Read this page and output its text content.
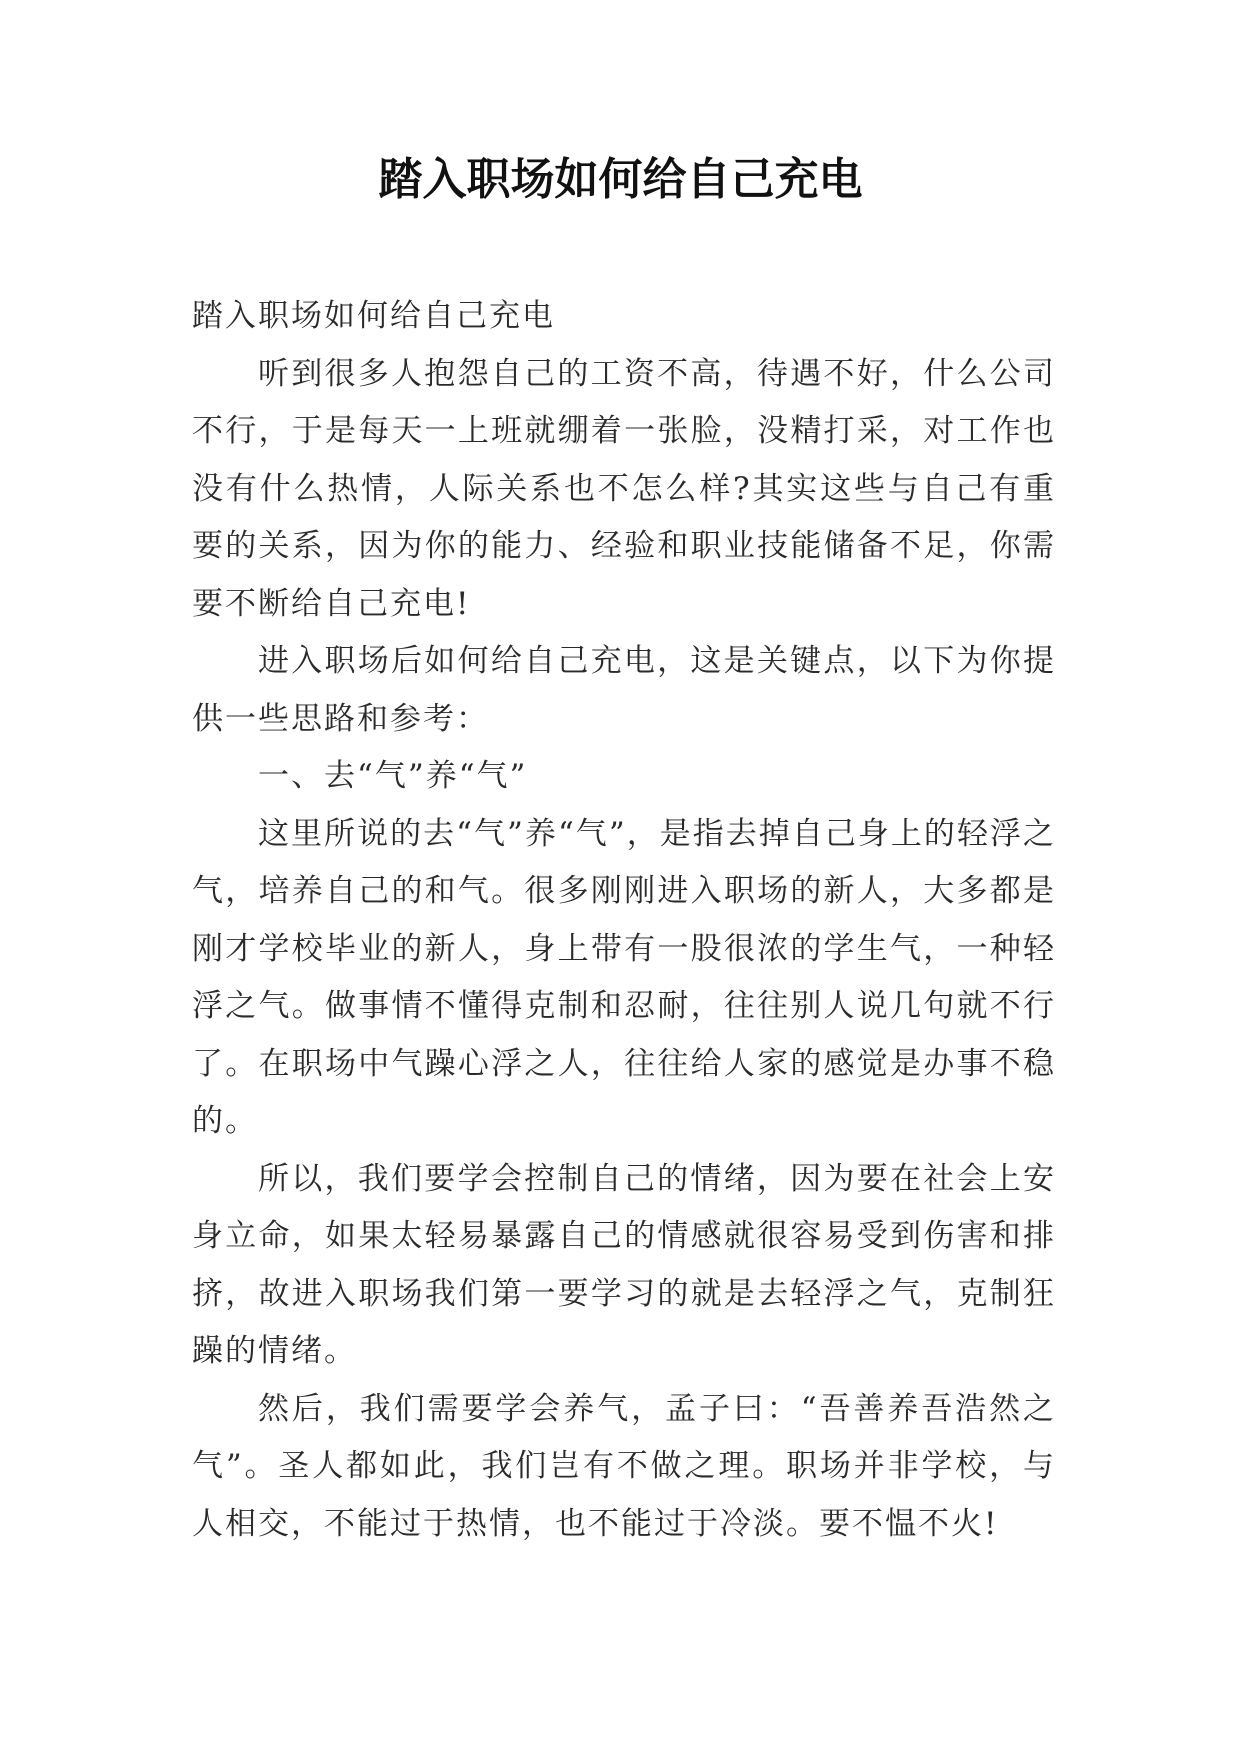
踏入职场如何给自己充电

踏入职场如何给自己充电

听到很多人抱怨自己的工资不高，待遇不好，什么公司不行，于是每天一上班就绷着一张脸，没精打采，对工作也没有什么热情，人际关系也不怎么样?其实这些与自己有重要的关系，因为你的能力、经验和职业技能储备不足，你需要不断给自己充电!

进入职场后如何给自己充电，这是关键点，以下为你提供一些思路和参考：

一、去“气”养“气”

这里所说的去“气”养“气”，是指去掉自己身上的轻浮之气，培养自己的和气。很多刚刚进入职场的新人，大多都是刚才学校毕业的新人，身上带有一股很浓的学生气，一种轻浮之气。做事情不懂得克制和忍耐，往往别人说几句就不行了。在职场中气躁心浮之人，往往给人家的感觉是办事不稳的。

所以，我们要学会控制自己的情绪，因为要在社会上安身立命，如果太轻易暴露自己的情感就很容易受到伤害和排挤，故进入职场我们第一要学习的就是去轻浮之气，克制狂躁的情绪。

然后，我们需要学会养气，孟子曰：“吾善养吾浩然之气”。圣人都如此，我们岂有不做之理。职场并非学校，与人相交，不能过于热情，也不能过于冷淡。要不愠不火!
